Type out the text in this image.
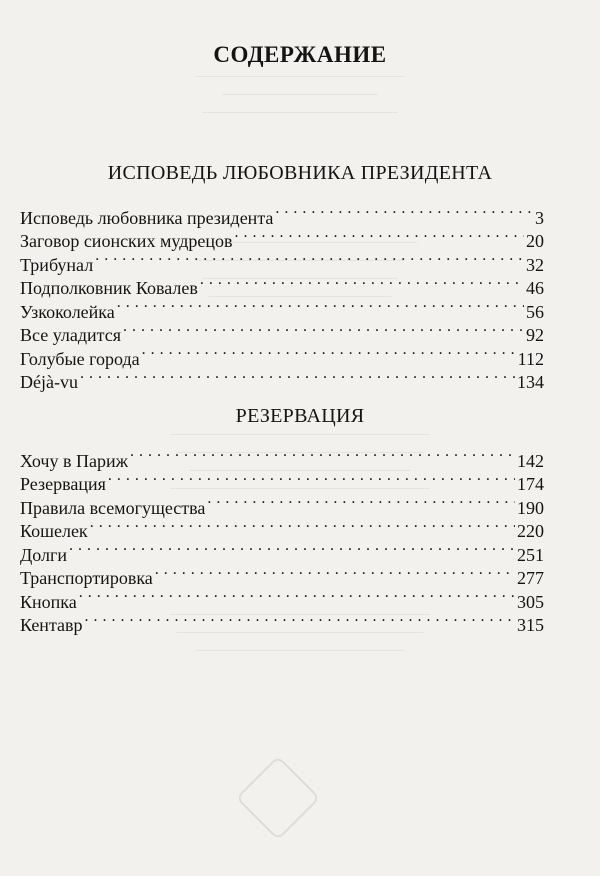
________________________________
________________________
______________________________
____________________________________
________________________________
______________________________
____________________________
________________________________________
______________________________________
__________________________________
________________________________________
________________________________________
______________________________________
________________________________
СОДЕРЖАНИЕ
ИСПОВЕДЬ ЛЮБОВНИКА ПРЕЗИДЕНТА
Исповедь любовника президента . . .	3
Заговор сионских мудрецов . . .	20
Трибунал . . .	32
Подполковник Ковалев . . .	46
Узкоколейка . . .	56
Все уладится . . .	92
Голубые города . . .	112
Déjà-vu . . .	134
РЕЗЕРВАЦИЯ
Хочу в Париж . . .	142
Резервация . . .	174
Правила всемогущества . . .	190
Кошелек . . .	220
Долги . . .	251
Транспортировка . . .	277
Кнопка . . .	305
Кентавр . . .	315
